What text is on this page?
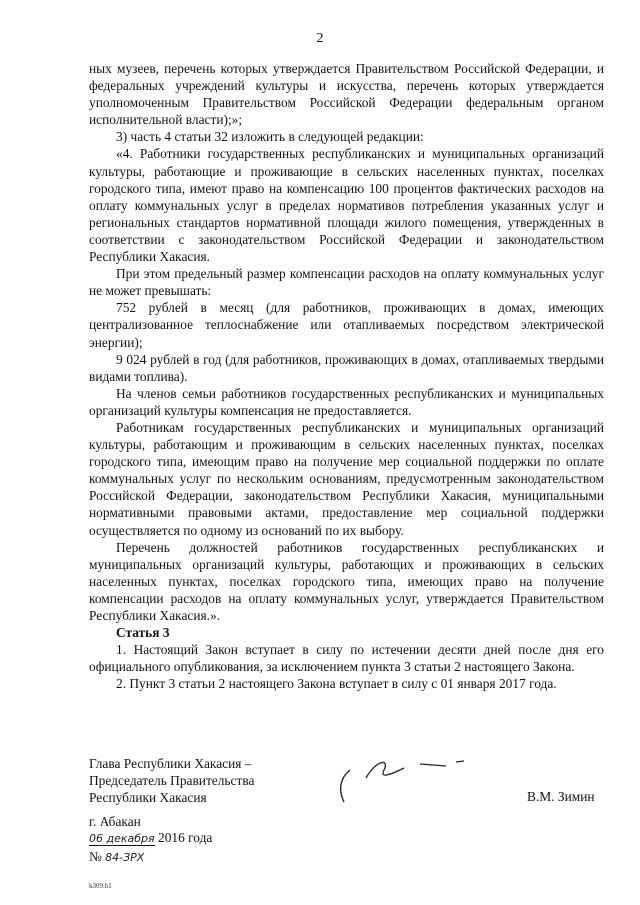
2

ных музеев, перечень которых утверждается Правительством Российской Федерации, и федеральных учреждений культуры и искусства, перечень которых утверждается уполномоченным Правительством Российской Федерации федеральным органом исполнительной власти);»;

3) часть 4 статьи 32 изложить в следующей редакции:

«4. Работники государственных республиканских и муниципальных организаций культуры, работающие и проживающие в сельских населенных пунктах, поселках городского типа, имеют право на компенсацию 100 процентов фактических расходов на оплату коммунальных услуг в пределах нормативов потребления указанных услуг и региональных стандартов нормативной площади жилого помещения, утвержденных в соответствии с законодательством Российской Федерации и законодательством Республики Хакасия.

При этом предельный размер компенсации расходов на оплату коммунальных услуг не может превышать:

752 рублей в месяц (для работников, проживающих в домах, имеющих централизованное теплоснабжение или отапливаемых посредством электрической энергии);

9 024 рублей в год (для работников, проживающих в домах, отапливаемых твердыми видами топлива).

На членов семьи работников государственных республиканских и муниципальных организаций культуры компенсация не предоставляется.

Работникам государственных республиканских и муниципальных организаций культуры, работающим и проживающим в сельских населенных пунктах, поселках городского типа, имеющим право на получение мер социальной поддержки по оплате коммунальных услуг по нескольким основаниям, предусмотренным законодательством Российской Федерации, законодательством Республики Хакасия, муниципальными нормативными правовыми актами, предоставление мер социальной поддержки осуществляется по одному из оснований по их выбору.

Перечень должностей работников государственных республиканских и муниципальных организаций культуры, работающих и проживающих в сельских населенных пунктах, поселках городского типа, имеющих право на получение компенсации расходов на оплату коммунальных услуг, утверждается Правительством Республики Хакасия.».

Статья 3

1. Настоящий Закон вступает в силу по истечении десяти дней после дня его официального опубликования, за исключением пункта 3 статьи 2 настоящего Закона.

2. Пункт 3 статьи 2 настоящего Закона вступает в силу с 01 января 2017 года.

Глава Республики Хакасия –
Председатель Правительства
Республики Хакасия	В.М. Зимин
г. Абакан
06 декабря 2016 года
№ 84-ЗРХ
k309.h1
